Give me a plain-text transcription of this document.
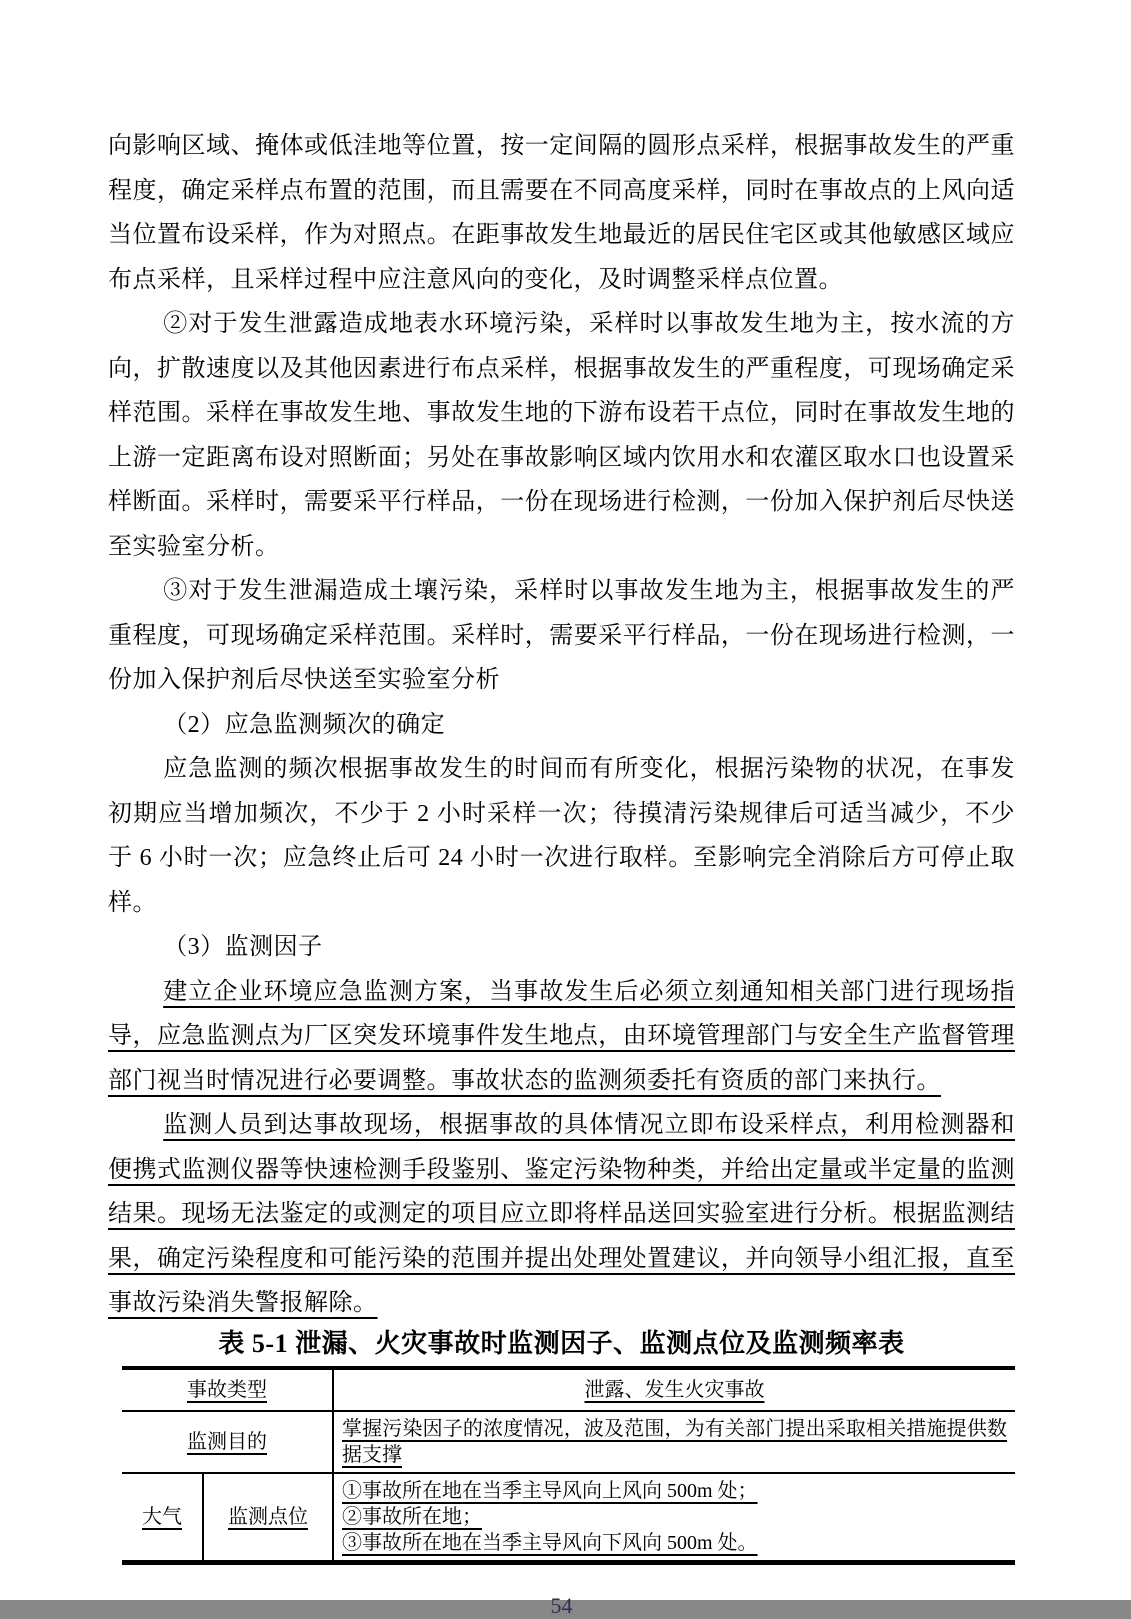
向影响区域、掩体或低洼地等位置，按一定间隔的圆形点采样，根据事故发生的严重程度，确定采样点布置的范围，而且需要在不同高度采样，同时在事故点的上风向适当位置布设采样，作为对照点。在距事故发生地最近的居民住宅区或其他敏感区域应布点采样，且采样过程中应注意风向的变化，及时调整采样点位置。

②对于发生泄露造成地表水环境污染，采样时以事故发生地为主，按水流的方向，扩散速度以及其他因素进行布点采样，根据事故发生的严重程度，可现场确定采样范围。采样在事故发生地、事故发生地的下游布设若干点位，同时在事故发生地的上游一定距离布设对照断面；另处在事故影响区域内饮用水和农灌区取水口也设置采样断面。采样时，需要采平行样品，一份在现场进行检测，一份加入保护剂后尽快送至实验室分析。

③对于发生泄漏造成土壤污染，采样时以事故发生地为主，根据事故发生的严重程度，可现场确定采样范围。采样时，需要采平行样品，一份在现场进行检测，一份加入保护剂后尽快送至实验室分析

（2）应急监测频次的确定

应急监测的频次根据事故发生的时间而有所变化，根据污染物的状况，在事发初期应当增加频次，不少于 2 小时采样一次；待摸清污染规律后可适当减少，不少于 6 小时一次；应急终止后可 24 小时一次进行取样。至影响完全消除后方可停止取样。

（3）监测因子

建立企业环境应急监测方案，当事故发生后必须立刻通知相关部门进行现场指导，应急监测点为厂区突发环境事件发生地点，由环境管理部门与安全生产监督管理部门视当时情况进行必要调整。事故状态的监测须委托有资质的部门来执行。

监测人员到达事故现场，根据事故的具体情况立即布设采样点，利用检测器和便携式监测仪器等快速检测手段鉴别、鉴定污染物种类，并给出定量或半定量的监测结果。现场无法鉴定的或测定的项目应立即将样品送回实验室进行分析。根据监测结果，确定污染程度和可能污染的范围并提出处理处置建议，并向领导小组汇报，直至事故污染消失警报解除。

表 5-1 泄漏、火灾事故时监测因子、监测点位及监测频率表

事故类型		泄露、发生火灾事故
监测目的		掌握污染因子的浓度情况，波及范围，为有关部门提出采取相关措施提供数据支撑
大气	监测点位	①事故所在地在当季主导风向上风向 500m 处；
②事故所在地；
③事故所在地在当季主导风向下风向 500m 处。
54
